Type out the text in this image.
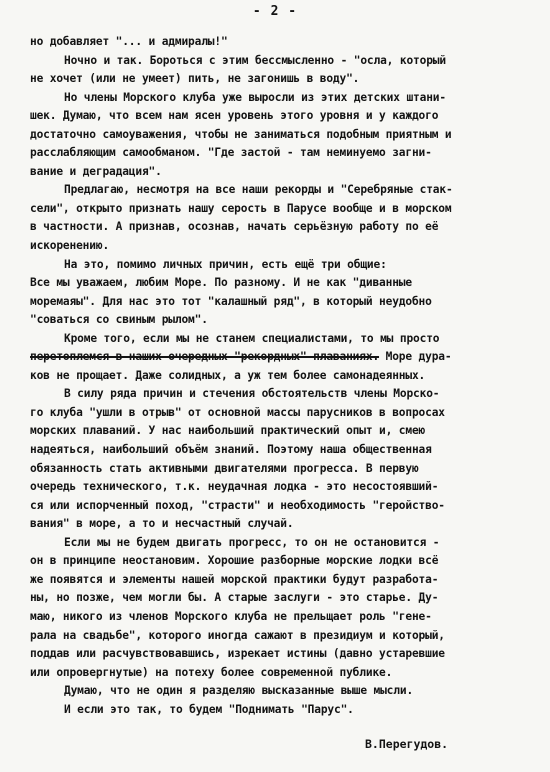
- 2 -

но добавляет "... и адмиралы!"

Ночно и так. Бороться с этим бессмысленно - "осла, который

не хочет (или не умеет) пить, не загонишь в воду".

Но члены Морского клуба уже выросли из этих детских штани-
шек. Думаю, что всем нам ясен уровень этого уровня и у каждого
достаточно самоуважения, чтобы не заниматься подобным приятным и
расслабляющим самообманом. "Где застой - там неминуемо загни-
вание и деградация".

Предлагаю, несмотря на все наши рекорды и "Серебряные стак-
сели", открыто признать нашу серость в Парусе вообще и в морском
в частности. А признав, осознав, начать серьёзную работу по её
искоренению.

На это, помимо личных причин, есть ещё три общие:
Все мы уважаем, любим Море. По разному. И не как "диванные
моремаяы". Для нас это тот "калашный ряд", в который неудобно
"соваться со свиным рылом".

Кроме того, если мы не станем специалистами, то мы просто
перетоплемся в наших очередных "рекордных" плаваниях. Море дура-
ков не прощает. Даже солидных, а уж тем более самонадеянных.

В силу ряда причин и стечения обстоятельств члены Морско-
го клуба "ушли в отрыв" от основной массы парусников в вопросах
морских плаваний. У нас наибольший практический опыт и, смею
надеяться, наибольший объём знаний. Поэтому наша общественная
обязанность стать активными двигателями прогресса. В первую
очередь технического, т.к. неудачная лодка - это несостоявший-
ся или испорченный поход, "страсти" и необходимость "геройство-
вания" в море, а то и несчастный случай.

Если мы не будем двигать прогресс, то он не остановится -
он в принципе неостановим. Хорошие разборные морские лодки всё
же появятся и элементы нашей морской практики будут разработа-
ны, но позже, чем могли бы. А старые заслуги - это старье. Ду-
маю, никого из членов Морского клуба не прельщает роль "гене-
рала на свадьбе", которого иногда сажают в президиум и который,
поддав или расчувствовавшись, изрекает истины (давно устаревшие
или опровергнутые) на потеху более современной публике.

Думаю, что не один я разделяю высказанные выше мысли.
И если это так, то будем "Поднимать "Парус".

В.Перегудов.
